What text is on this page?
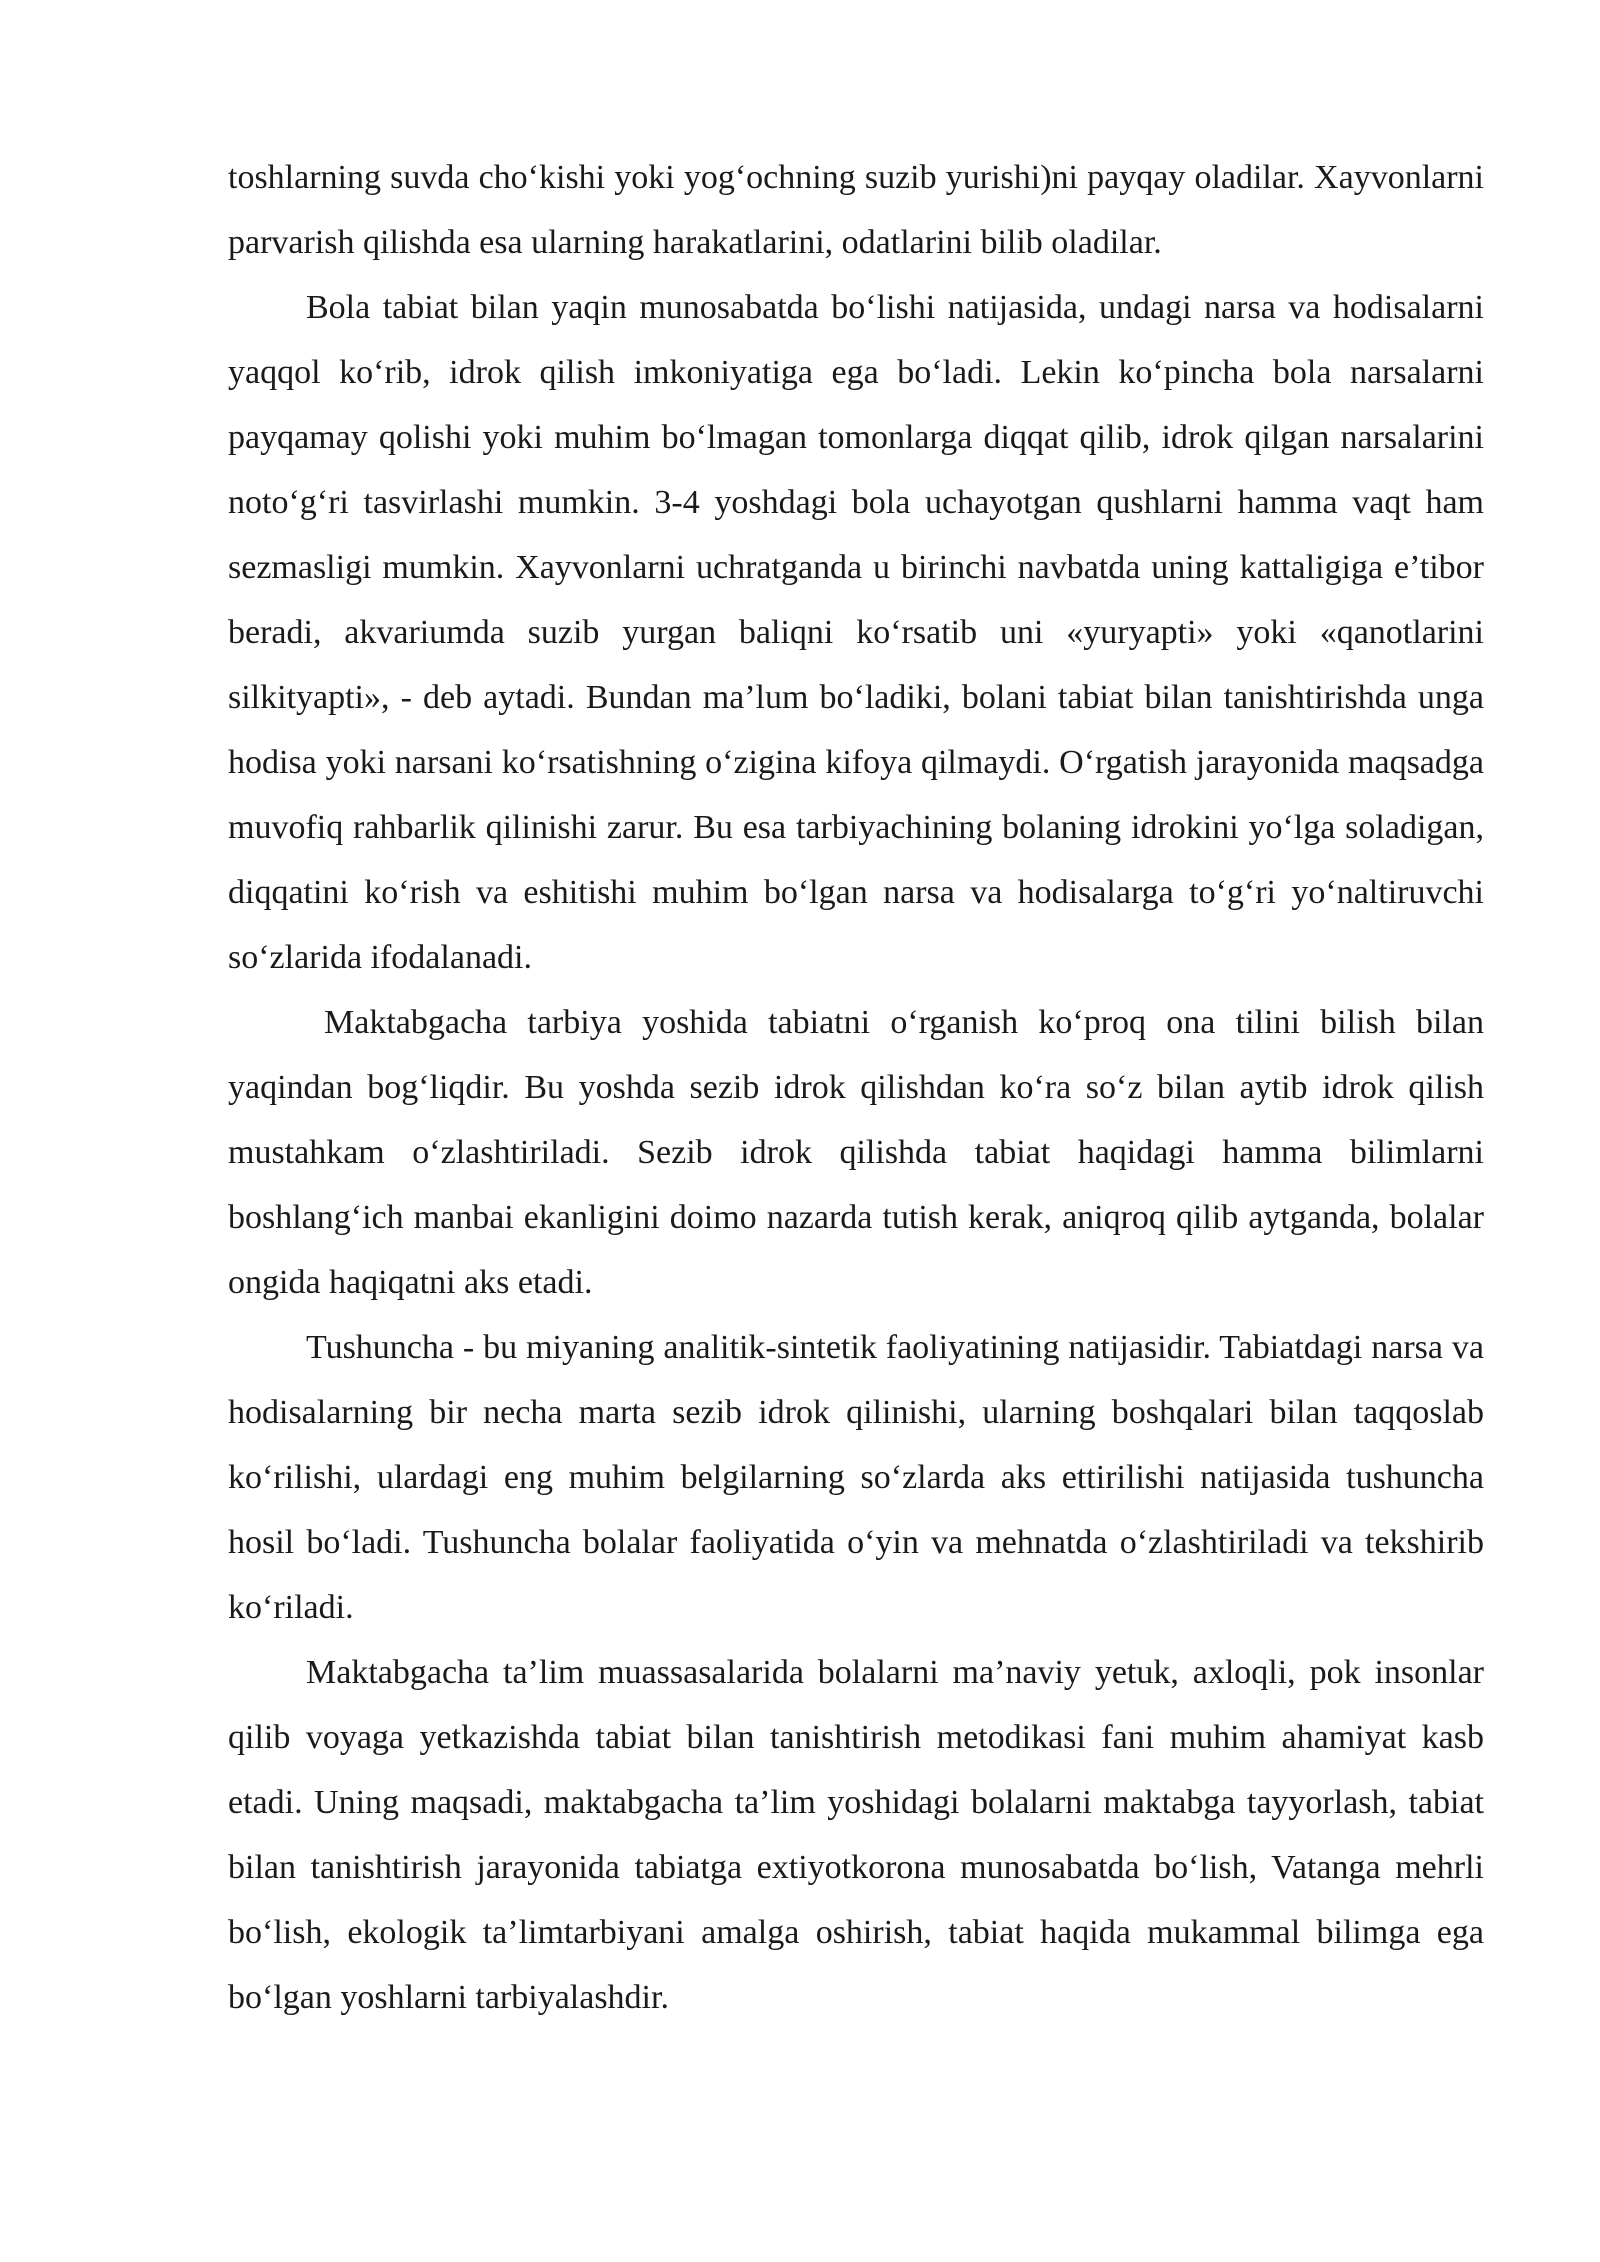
toshlarning suvda cho‘kishi yoki yog‘ochning suzib yurishi)ni payqay oladilar. Xayvonlarni parvarish qilishda esa ularning harakatlarini, odatlarini bilib oladilar.

Bola tabiat bilan yaqin munosabatda bo‘lishi natijasida, undagi narsa va hodisalarni yaqqol ko‘rib, idrok qilish imkoniyatiga ega bo‘ladi. Lekin ko‘pincha bola narsalarni payqamay qolishi yoki muhim bo‘lmagan tomonlarga diqqat qilib, idrok qilgan narsalarini noto‘g‘ri tasvirlashi mumkin. 3-4 yoshdagi bola uchayotgan qushlarni hamma vaqt ham sezmasligi mumkin. Xayvonlarni uchratganda u birinchi navbatda uning kattaligiga e’tibor beradi, akvariumda suzib yurgan baliqni ko‘rsatib uni «yuryapti» yoki «qanotlarini silkityapti», - deb aytadi. Bundan ma’lum bo‘ladiki, bolani tabiat bilan tanishtirishda unga hodisa yoki narsani ko‘rsatishning o‘zigina kifoya qilmaydi. O‘rgatish jarayonida maqsadga muvofiq rahbarlik qilinishi zarur. Bu esa tarbiyachining bolaning idrokini yo‘lga soladigan, diqqatini ko‘rish va eshitishi muhim bo‘lgan narsa va hodisalarga to‘g‘ri yo‘naltiruvchi so‘zlarida ifodalanadi.

Maktabgacha tarbiya yoshida tabiatni o‘rganish ko‘proq ona tilini bilish bilan yaqindan bog‘liqdir. Bu yoshda sezib idrok qilishdan ko‘ra so‘z bilan aytib idrok qilish mustahkam o‘zlashtiriladi. Sezib idrok qilishda tabiat haqidagi hamma bilimlarni boshlang‘ich manbai ekanligini doimo nazarda tutish kerak, aniqroq qilib aytganda, bolalar ongida haqiqatni aks etadi.

Tushuncha - bu miyaning analitik-sintetik faoliyatining natijasidir. Tabiatdagi narsa va hodisalarning bir necha marta sezib idrok qilinishi, ularning boshqalari bilan taqqoslab ko‘rilishi, ulardagi eng muhim belgilarning so‘zlarda aks ettirilishi natijasida tushuncha hosil bo‘ladi. Tushuncha bolalar faoliyatida o‘yin va mehnatda o‘zlashtiriladi va tekshirib ko‘riladi.

Maktabgacha ta’lim muassasalarida bolalarni ma’naviy yetuk, axloqli, pok insonlar qilib voyaga yetkazishda tabiat bilan tanishtirish metodikasi fani muhim ahamiyat kasb etadi. Uning maqsadi, maktabgacha ta’lim yoshidagi bolalarni maktabga tayyorlash, tabiat bilan tanishtirish jarayonida tabiatga extiyotkorona munosabatda bo‘lish, Vatanga mehrli bo‘lish, ekologik ta’limtarbiyani amalga oshirish, tabiat haqida mukammal bilimga ega bo‘lgan yoshlarni tarbiyalashdir.
